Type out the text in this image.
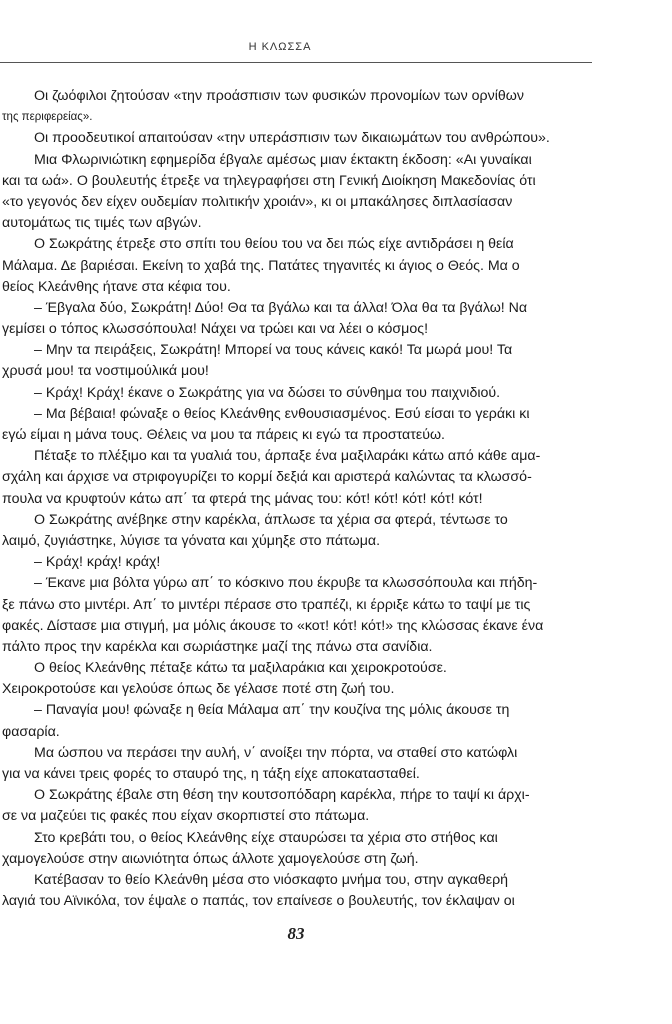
Η ΚΛΩΣΣΑ
Οι ζωόφιλοι ζητούσαν «την προάσπισιν των φυσικών προνομίων των ορνίθων
της περιφερείας».
Οι προοδευτικοί απαιτούσαν «την υπεράσπισιν των δικαιωμάτων του ανθρώπου».
Μια Φλωρινιώτικη εφημερίδα έβγαλε αμέσως μιαν έκτακτη έκδοση: «Αι γυναίκαι
και τα ωά». Ο βουλευτής έτρεξε να τηλεγραφήσει στη Γενική Διοίκηση Μακεδονίας ότι
«το γεγονός δεν είχεν ουδεμίαν πολιτικήν χροιάν», κι οι μπακάλησες διπλασίασαν
αυτομάτως τις τιμές των αβγών.
Ο Σωκράτης έτρεξε στο σπίτι του θείου του να δει πώς είχε αντιδράσει η θεία
Μάλαμα. Δε βαριέσαι. Εκείνη το χαβά της. Πατάτες τηγανιτές κι άγιος ο Θεός. Μα ο
θείος Κλεάνθης ήτανε στα κέφια του.
– Έβγαλα δύο, Σωκράτη! Δύο! Θα τα βγάλω και τα άλλα! Όλα θα τα βγάλω! Να
γεμίσει ο τόπος κλωσσόπουλα! Νάχει να τρώει και να λέει ο κόσμος!
– Μην τα πειράξεις, Σωκράτη! Μπορεί να τους κάνεις κακό! Τα μωρά μου! Τα
χρυσά μου! τα νοστιμούλικά μου!
– Κράχ! Κράχ! έκανε ο Σωκράτης για να δώσει το σύνθημα του παιχνιδιού.
– Μα βέβαια! φώναξε ο θείος Κλεάνθης ενθουσιασμένος. Εσύ είσαι το γεράκι κι
εγώ είμαι η μάνα τους. Θέλεις να μου τα πάρεις κι εγώ τα προστατεύω.
Πέταξε το πλέξιμο και τα γυαλιά του, άρπαξε ένα μαξιλαράκι κάτω από κάθε αμα-
σχάλη και άρχισε να στριφογυρίζει το κορμί δεξιά και αριστερά καλώντας τα κλωσσό-
πουλα να κρυφτούν κάτω απ΄ τα φτερά της μάνας του: κότ! κότ! κότ! κότ! κότ!
Ο Σωκράτης ανέβηκε στην καρέκλα, άπλωσε τα χέρια σα φτερά, τέντωσε το
λαιμό, ζυγιάστηκε, λύγισε τα γόνατα και χύμηξε στο πάτωμα.
– Κράχ! κράχ! κράχ!
– Έκανε μια βόλτα γύρω απ΄ το κόσκινο που έκρυβε τα κλωσσόπουλα και πήδη-
ξε πάνω στο μιντέρι. Απ΄ το μιντέρι πέρασε στο τραπέζι, κι έρριξε κάτω το ταψί με τις
φακές. Δίστασε μια στιγμή, μα μόλις άκουσε το «κοτ! κότ! κότ!» της κλώσσας έκανε ένα
πάλτο προς την καρέκλα και σωριάστηκε μαζί της πάνω στα σανίδια.
Ο θείος Κλεάνθης πέταξε κάτω τα μαξιλαράκια και χειροκροτούσε.
Χειροκροτούσε και γελούσε όπως δε γέλασε ποτέ στη ζωή του.
– Παναγία μου! φώναξε η θεία Μάλαμα απ΄ την κουζίνα της μόλις άκουσε τη
φασαρία.
Μα ώσπου να περάσει την αυλή, ν΄ ανοίξει την πόρτα, να σταθεί στο κατώφλι
για να κάνει τρεις φορές το σταυρό της, η τάξη είχε αποκατασταθεί.
Ο Σωκράτης έβαλε στη θέση την κουτσοπόδαρη καρέκλα, πήρε το ταψί κι άρχι-
σε να μαζεύει τις φακές που είχαν σκορπιστεί στο πάτωμα.
Στο κρεβάτι του, ο θείος Κλεάνθης είχε σταυρώσει τα χέρια στο στήθος και
χαμογελούσε στην αιωνιότητα όπως άλλοτε χαμογελούσε στη ζωή.
Κατέβασαν το θείο Κλεάνθη μέσα στο νιόσκαφτο μνήμα του, στην αγκαθερή
λαγιά του Αϊνικόλα, τον έψαλε ο παπάς, τον επαίνεσε ο βουλευτής, τον έκλαψαν οι
83
